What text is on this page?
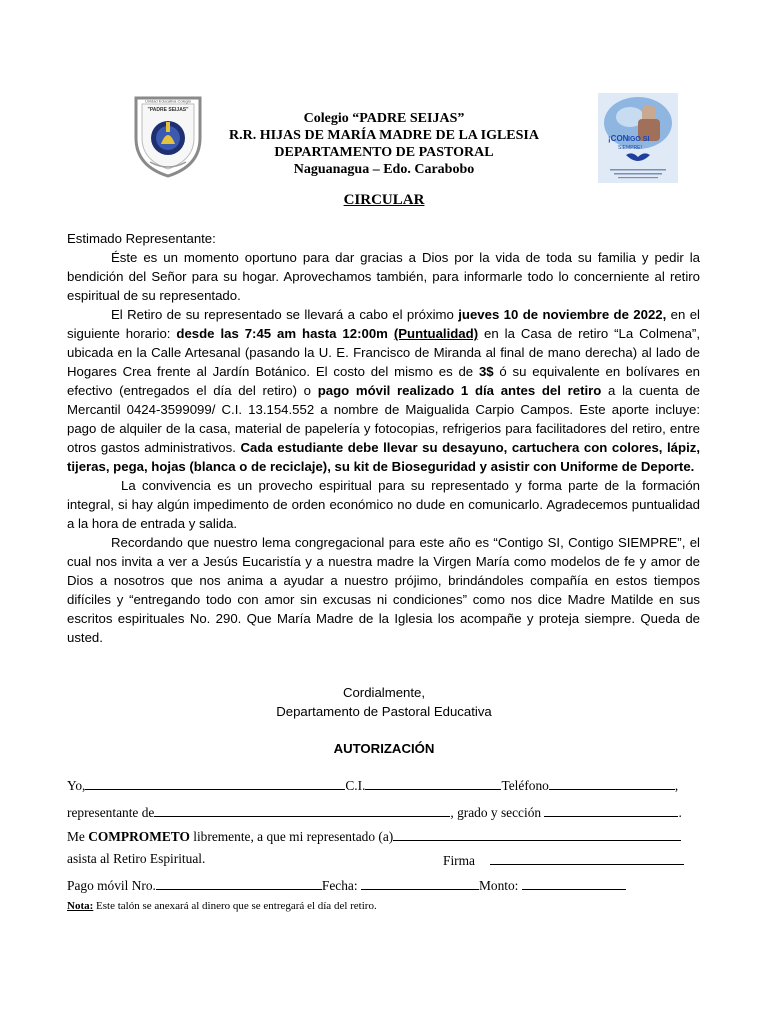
Unidad Educativa Colegio
"PADRE SEIJAS"
Colegio “PADRE SEIJAS”
R.R. HIJAS DE MARÍA MADRE DE LA IGLESIA
DEPARTAMENTO DE PASTORAL
Naguanagua – Edo. Carabobo
¡CON IGO SI
SIEMPRE!
CIRCULAR

Estimado Representante:

Éste es un momento oportuno para dar gracias a Dios por la vida de toda su familia y pedir la bendición del Señor para su hogar. Aprovechamos también, para informarle todo lo concerniente al retiro espiritual de su representado.

El Retiro de su representado se llevará a cabo el próximo jueves 10 de noviembre de 2022, en el siguiente horario: desde las 7:45 am hasta 12:00m (Puntualidad) en la Casa de retiro “La Colmena”, ubicada en la Calle Artesanal (pasando la U. E. Francisco de Miranda al final de mano derecha) al lado de Hogares Crea frente al Jardín Botánico. El costo del mismo es de 3$ ó su equivalente en bolívares en efectivo (entregados el día del retiro) o pago móvil realizado 1 día antes del retiro a la cuenta de Mercantil 0424-3599099/ C.I. 13.154.552 a nombre de Maigualida Carpio Campos. Este aporte incluye: pago de alquiler de la casa, material de papelería y fotocopias, refrigerios para facilitadores del retiro, entre otros gastos administrativos. Cada estudiante debe llevar su desayuno, cartuchera con colores, lápiz, tijeras, pega, hojas (blanca o de reciclaje), su kit de Bioseguridad y asistir con Uniforme de Deporte.

La convivencia es un provecho espiritual para su representado y forma parte de la formación integral, si hay algún impedimento de orden económico no dude en comunicarlo. Agradecemos puntualidad a la hora de entrada y salida.

Recordando que nuestro lema congregacional para este año es “Contigo SI, Contigo SIEMPRE”, el cual nos invita a ver a Jesús Eucaristía y a nuestra madre la Virgen María como modelos de fe y amor de Dios a nosotros que nos anima a ayudar a nuestro prójimo, brindándoles compañía en estos tiempos difíciles y “entregando todo con amor sin excusas ni condiciones” como nos dice Madre Matilde en sus escritos espirituales No. 290. Que María Madre de la Iglesia los acompañe y proteja siempre. Queda de usted.

Cordialmente,
Departamento de Pastoral Educativa
AUTORIZACIÓN
Yo,	C.I.	Teléfono	,
representante de	, grado y sección	.
Me COMPROMETO libremente, a que mi representado (a)
asista al Retiro Espiritual.	Firma
Pago móvil Nro.	Fecha:	Monto:
Nota: Este talón se anexará al dinero que se entregará el día del retiro.
